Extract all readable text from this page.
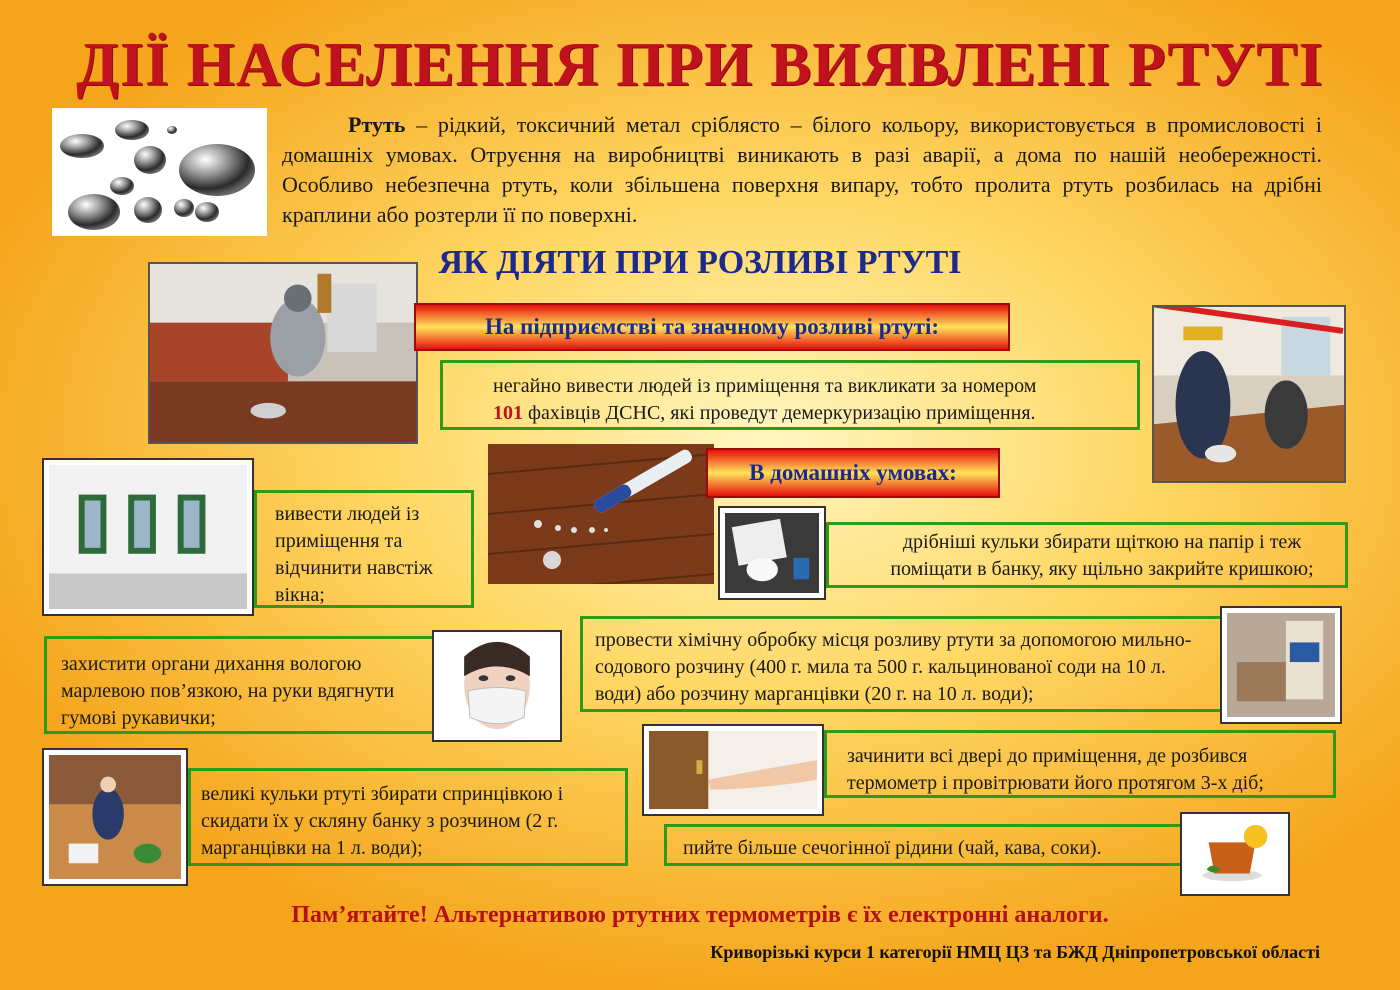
ДІЇ НАСЕЛЕННЯ ПРИ ВИЯВЛЕНІ РТУТІ
Ртуть – рідкий, токсичний метал сріблясто – білого кольору, використовується в промисловості і домашніх умовах. Отруєння на виробництві виникають в разі аварії, а дома по нашій необережності. Особливо небезпечна ртуть, коли збільшена поверхня випару, тобто пролита ртуть розбилась на дрібні краплини або розтерли її по поверхні.
ЯК ДІЯТИ ПРИ РОЗЛИВІ РТУТІ
На підприємстві та значному розливі ртуті:
негайно вивести людей із приміщення та викликати за номером
101 фахівців ДСНС, які проведут демеркуризацію приміщення.
В домашніх умовах:
вивести людей із приміщення та відчинити навстіж вікна;
захистити органи дихання вологою марлевою пов’язкою, на руки вдягнути гумові рукавички;
великі кульки ртуті збирати спринцівкою і скидати їх у скляну банку з розчином (2 г. марганцівки на 1 л. води);
дрібніші кульки збирати щіткою на папір і теж поміщати в банку, яку щільно закрийте кришкою;
провести хімічну обробку місця розливу ртути за допомогою мильно-содового розчину (400 г. мила та 500 г. кальцинованої соди на 10 л. води) або розчину марганцівки (20 г. на 10 л. води);
зачинити всі двері до приміщення, де розбився термометр і провітрювати його протягом 3-х діб;
пийте більше сечогінної рідини (чай, кава, соки).
Пам’ятайте! Альтернативою ртутних термометрів є їх електронні аналоги.
Криворізькі курси 1 категорії НМЦ ЦЗ та БЖД Дніпропетровської області
